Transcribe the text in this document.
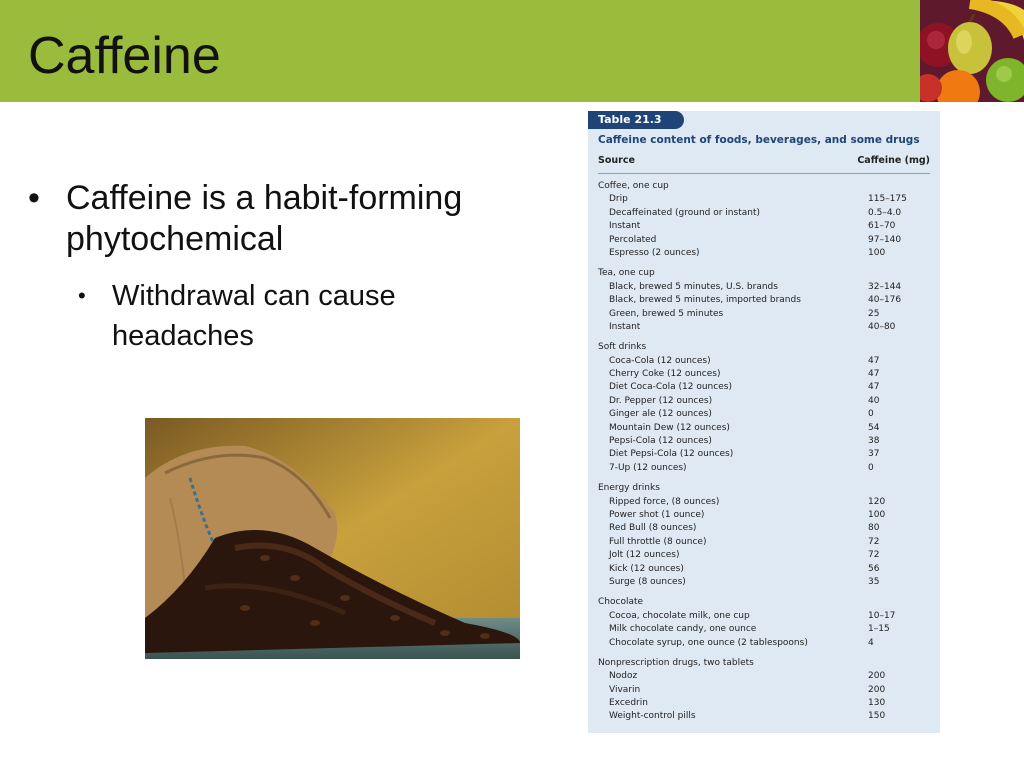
Caffeine
• Caffeine is a habit-forming phytochemical
• Withdrawal can cause headaches
Table 21.3
Caffeine content of foods, beverages, and some drugs
Source	Caffeine (mg)
Coffee, one cup
Drip	115–175
Decaffeinated (ground or instant)	0.5–4.0
Instant	61–70
Percolated	97–140
Espresso (2 ounces)	100
Tea, one cup
Black, brewed 5 minutes, U.S. brands	32–144
Black, brewed 5 minutes, imported brands	40–176
Green, brewed 5 minutes	25
Instant	40–80
Soft drinks
Coca-Cola (12 ounces)	47
Cherry Coke (12 ounces)	47
Diet Coca-Cola (12 ounces)	47
Dr. Pepper (12 ounces)	40
Ginger ale (12 ounces)	0
Mountain Dew (12 ounces)	54
Pepsi-Cola (12 ounces)	38
Diet Pepsi-Cola (12 ounces)	37
7-Up (12 ounces)	0
Energy drinks
Ripped force, (8 ounces)	120
Power shot (1 ounce)	100
Red Bull (8 ounces)	80
Full throttle (8 ounce)	72
Jolt (12 ounces)	72
Kick (12 ounces)	56
Surge (8 ounces)	35
Chocolate
Cocoa, chocolate milk, one cup	10–17
Milk chocolate candy, one ounce	1–15
Chocolate syrup, one ounce (2 tablespoons)	4
Nonprescription drugs, two tablets
Nodoz	200
Vivarin	200
Excedrin	130
Weight-control pills	150
